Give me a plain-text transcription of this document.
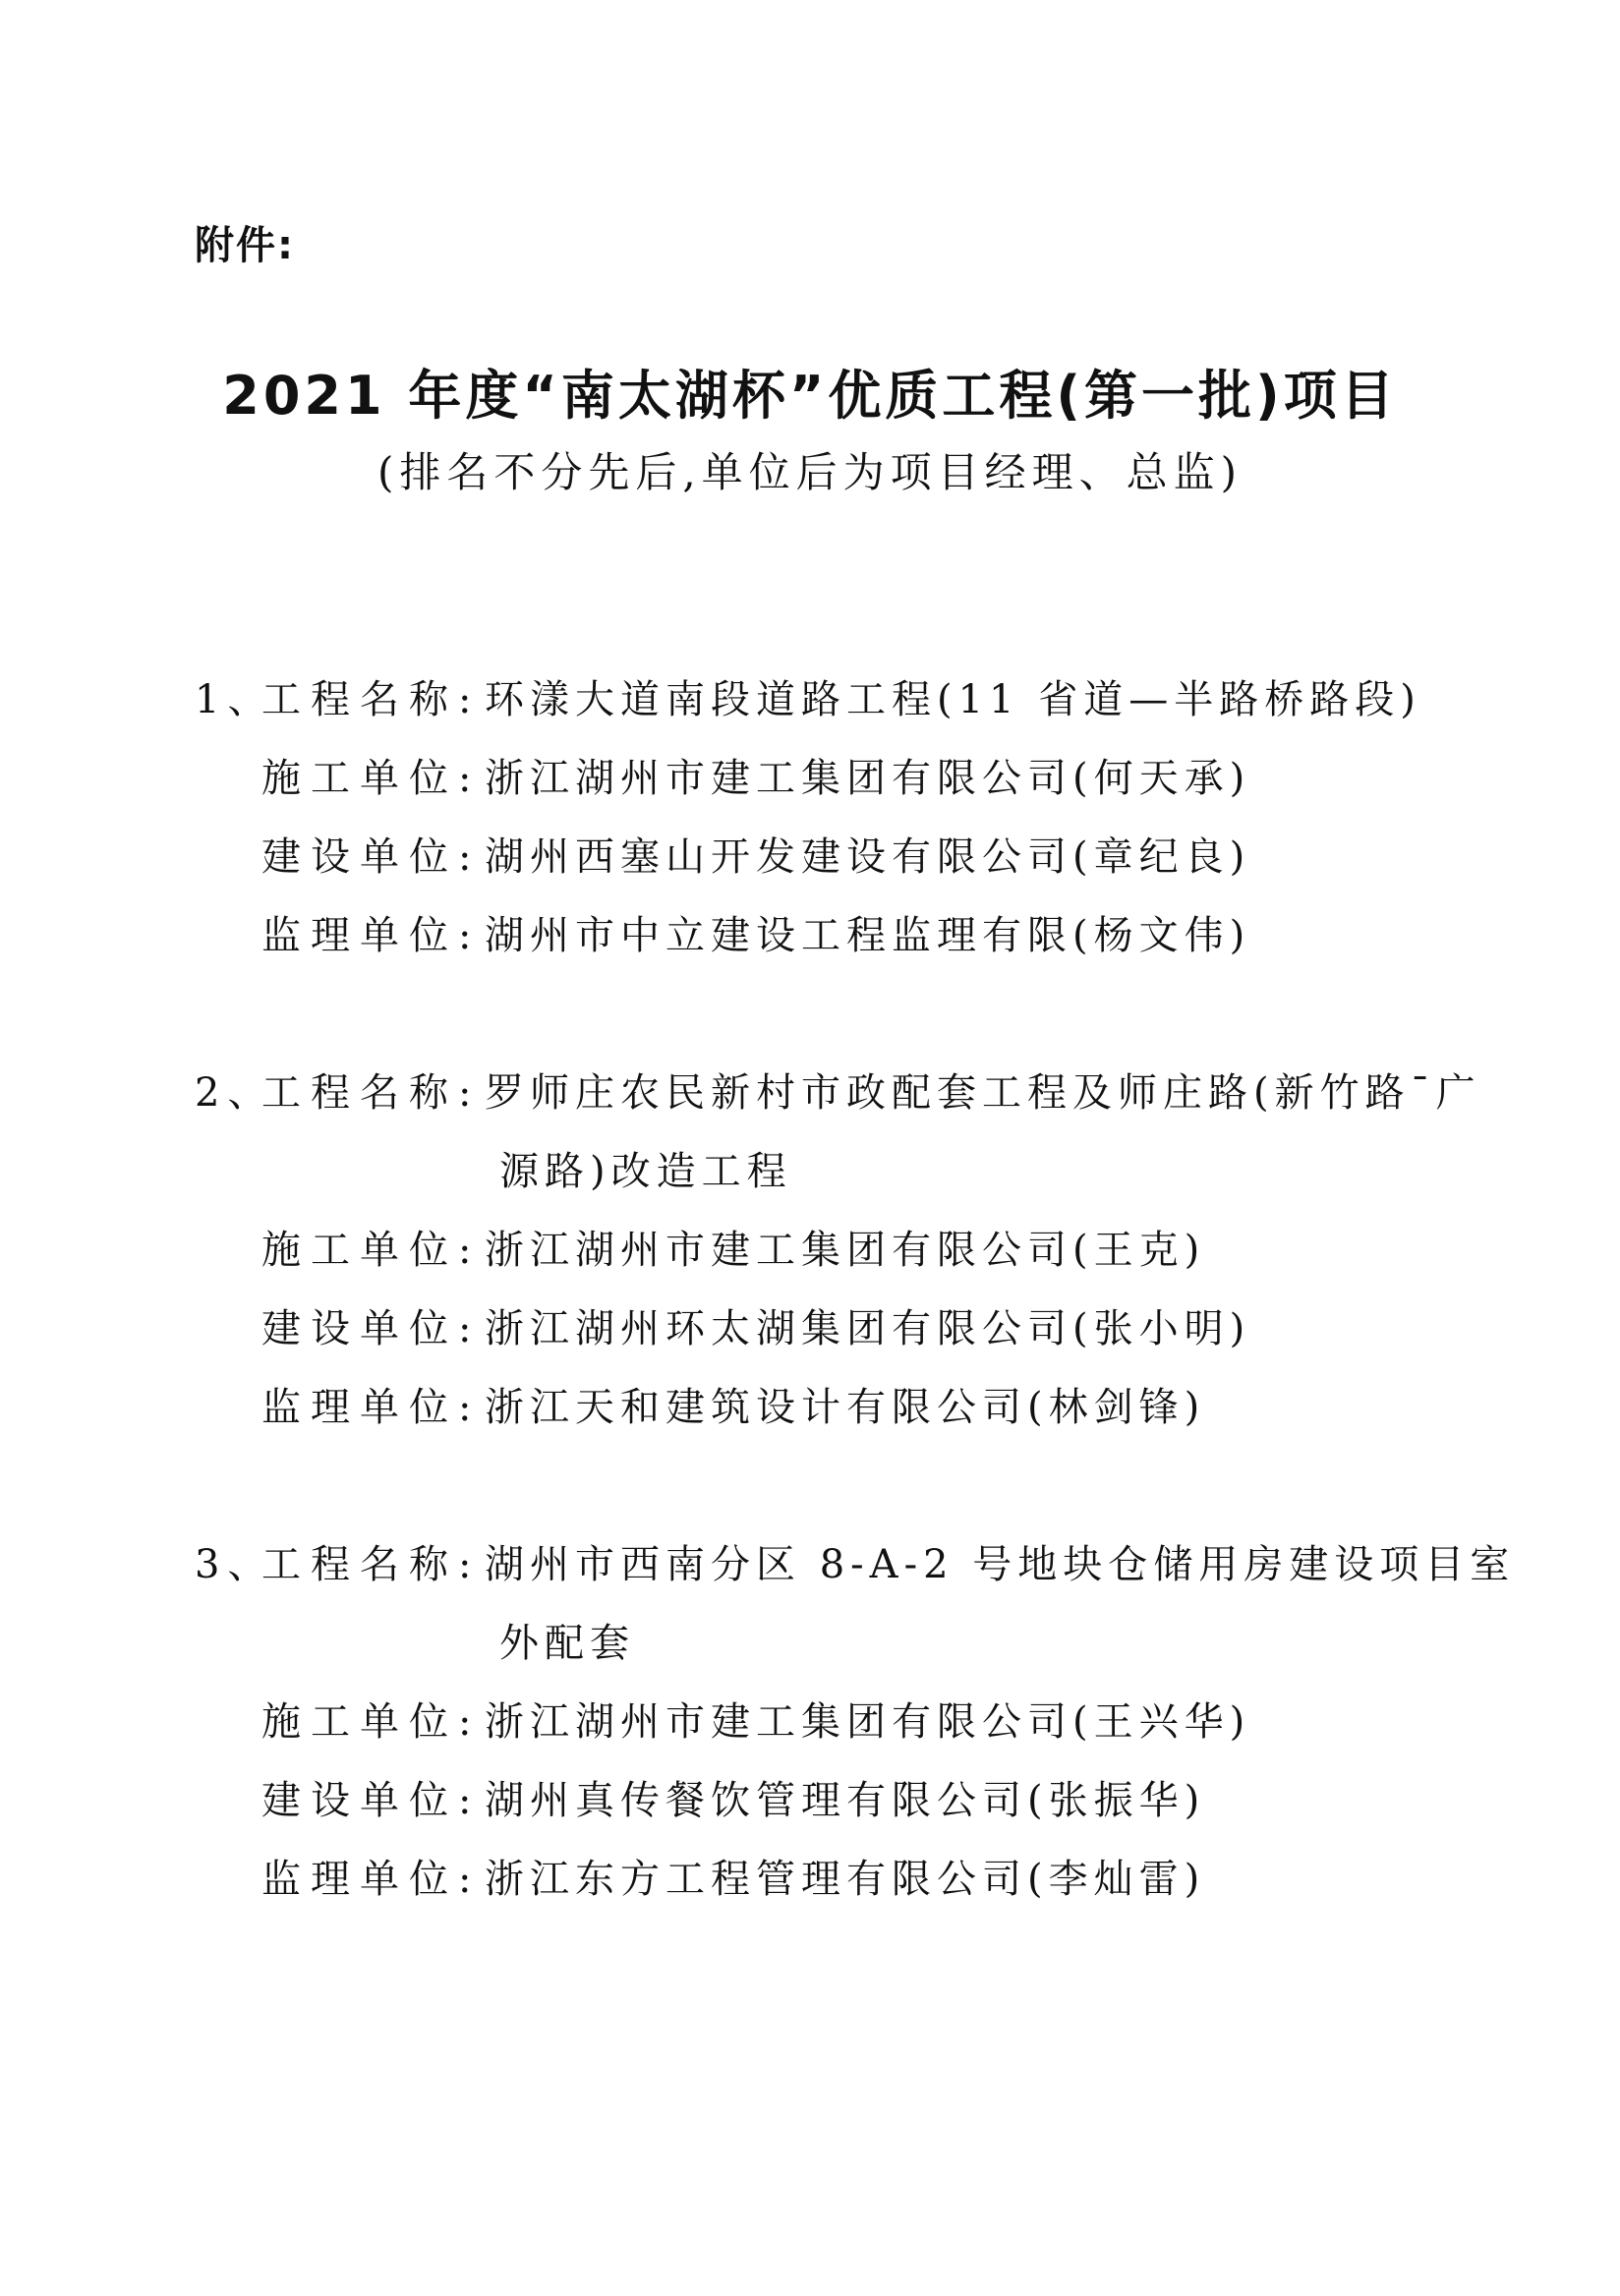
附件:

2021 年度“南太湖杯”优质工程(第一批)项目

(排名不分先后,单位后为项目经理、总监)

1、
工程名称: 环漾大道南段道路工程(11 省道—半路桥路段)
施工单位: 浙江湖州市建工集团有限公司(何天承)
建设单位: 湖州西塞山开发建设有限公司(章纪良)
监理单位: 湖州市中立建设工程监理有限(杨文伟)
2、
工程名称: 罗师庄农民新村市政配套工程及师庄路(新竹路¯广
源路)改造工程
施工单位: 浙江湖州市建工集团有限公司(王克)
建设单位: 浙江湖州环太湖集团有限公司(张小明)
监理单位: 浙江天和建筑设计有限公司(林剑锋)
3、
工程名称: 湖州市西南分区 8-A-2 号地块仓储用房建设项目室
外配套
施工单位: 浙江湖州市建工集团有限公司(王兴华)
建设单位: 湖州真传餐饮管理有限公司(张振华)
监理单位: 浙江东方工程管理有限公司(李灿雷)
